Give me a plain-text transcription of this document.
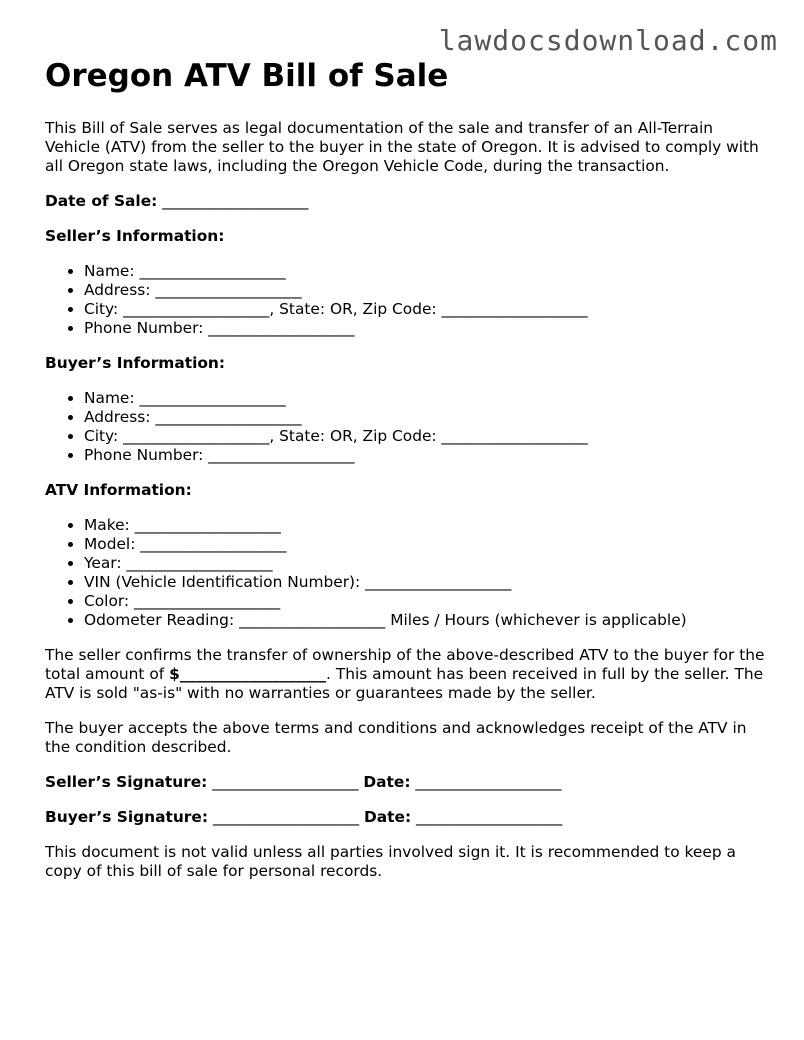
lawdocsdownload.com
Oregon ATV Bill of Sale

This Bill of Sale serves as legal documentation of the sale and transfer of an All-Terrain Vehicle (ATV) from the seller to the buyer in the state of Oregon. It is advised to comply with all Oregon state laws, including the Oregon Vehicle Code, during the transaction.

Date of Sale: ___________________
Seller’s Information:
Name: ___________________
Address: ___________________
City: ___________________, State: OR, Zip Code: ___________________
Phone Number: ___________________
Buyer’s Information:
Name: ___________________
Address: ___________________
City: ___________________, State: OR, Zip Code: ___________________
Phone Number: ___________________
ATV Information:
Make: ___________________
Model: ___________________
Year: ___________________
VIN (Vehicle Identification Number): ___________________
Color: ___________________
Odometer Reading: ___________________ Miles / Hours (whichever is applicable)

The seller confirms the transfer of ownership of the above-described ATV to the buyer for the total amount of $___________________. This amount has been received in full by the seller. The ATV is sold "as-is" with no warranties or guarantees made by the seller.

The buyer accepts the above terms and conditions and acknowledges receipt of the ATV in the condition described.

Seller’s Signature: ___________________ Date: ___________________
Buyer’s Signature: ___________________ Date: ___________________

This document is not valid unless all parties involved sign it. It is recommended to keep a copy of this bill of sale for personal records.
